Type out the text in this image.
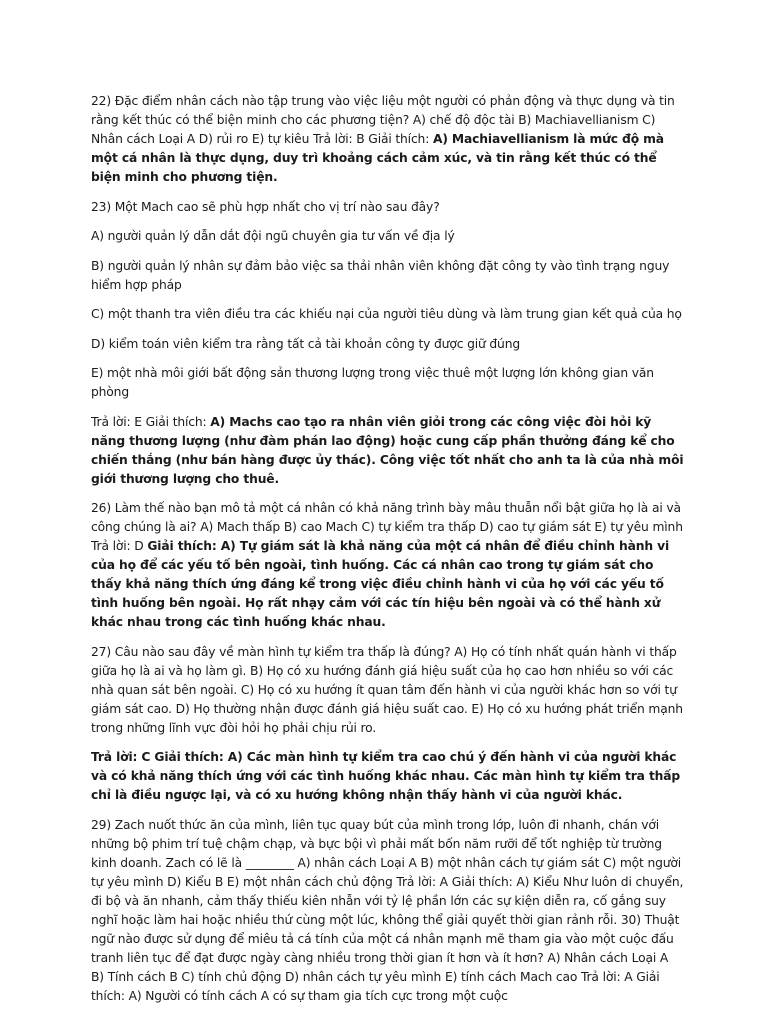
22) Đặc điểm nhân cách nào tập trung vào việc liệu một người có phản động và thực dụng và tin rằng kết thúc có thể biện minh cho các phương tiện? A) chế độ độc tài B) Machiavellianism C) Nhân cách Loại A D) rủi ro E) tự kiêu Trả lời: B Giải thích: A) Machiavellianism là mức độ mà một cá nhân là thực dụng, duy trì khoảng cách cảm xúc, và tin rằng kết thúc có thể biện minh cho phương tiện.

23) Một Mach cao sẽ phù hợp nhất cho vị trí nào sau đây?

A) người quản lý dẫn dắt đội ngũ chuyên gia tư vấn về địa lý

B) người quản lý nhân sự đảm bảo việc sa thải nhân viên không đặt công ty vào tình trạng nguy hiểm hợp pháp

C) một thanh tra viên điều tra các khiếu nại của người tiêu dùng và làm trung gian kết quả của họ

D) kiểm toán viên kiểm tra rằng tất cả tài khoản công ty được giữ đúng

E) một nhà môi giới bất động sản thương lượng trong việc thuê một lượng lớn không gian văn phòng

Trả lời: E Giải thích: A) Machs cao tạo ra nhân viên giỏi trong các công việc đòi hỏi kỹ năng thương lượng (như đàm phán lao động) hoặc cung cấp phần thưởng đáng kể cho chiến thắng (như bán hàng được ủy thác). Công việc tốt nhất cho anh ta là của nhà môi giới thương lượng cho thuê.

26) Làm thế nào bạn mô tả một cá nhân có khả năng trình bày mâu thuẫn nổi bật giữa họ là ai và công chúng là ai? A) Mach thấp B) cao Mach C) tự kiểm tra thấp D) cao tự giám sát E) tự yêu mình Trả lời: D Giải thích: A) Tự giám sát là khả năng của một cá nhân để điều chỉnh hành vi của họ để các yếu tố bên ngoài, tình huống. Các cá nhân cao trong tự giám sát cho thấy khả năng thích ứng đáng kể trong việc điều chỉnh hành vi của họ với các yếu tố tình huống bên ngoài. Họ rất nhạy cảm với các tín hiệu bên ngoài và có thể hành xử khác nhau trong các tình huống khác nhau.

27) Câu nào sau đây về màn hình tự kiểm tra thấp là đúng? A) Họ có tính nhất quán hành vi thấp giữa họ là ai và họ làm gì. B) Họ có xu hướng đánh giá hiệu suất của họ cao hơn nhiều so với các nhà quan sát bên ngoài. C) Họ có xu hướng ít quan tâm đến hành vi của người khác hơn so với tự giám sát cao. D) Họ thường nhận được đánh giá hiệu suất cao. E) Họ có xu hướng phát triển mạnh trong những lĩnh vực đòi hỏi họ phải chịu rủi ro.

Trả lời: C Giải thích: A) Các màn hình tự kiểm tra cao chú ý đến hành vi của người khác và có khả năng thích ứng với các tình huống khác nhau. Các màn hình tự kiểm tra thấp chỉ là điều ngược lại, và có xu hướng không nhận thấy hành vi của người khác.

29) Zach nuốt thức ăn của mình, liên tục quay bút của mình trong lớp, luôn đi nhanh, chán với những bộ phim trí tuệ chậm chạp, và bực bội vì phải mất bốn năm rưỡi để tốt nghiệp từ trường kinh doanh. Zach có lẽ là ________ A) nhân cách Loại A B) một nhân cách tự giám sát C) một người tự yêu mình D) Kiểu B E) một nhân cách chủ động Trả lời: A Giải thích: A) Kiểu Như luôn di chuyển, đi bộ và ăn nhanh, cảm thấy thiếu kiên nhẫn với tỷ lệ phần lớn các sự kiện diễn ra, cố gắng suy nghĩ hoặc làm hai hoặc nhiều thứ cùng một lúc, không thể giải quyết thời gian rảnh rỗi. 30) Thuật ngữ nào được sử dụng để miêu tả cá tính của một cá nhân mạnh mẽ tham gia vào một cuộc đấu tranh liên tục để đạt được ngày càng nhiều trong thời gian ít hơn và ít hơn? A) Nhân cách Loại A B) Tính cách B C) tính chủ động D) nhân cách tự yêu mình E) tính cách Mach cao Trả lời: A Giải thích: A) Người có tính cách A có sự tham gia tích cực trong một cuộc
